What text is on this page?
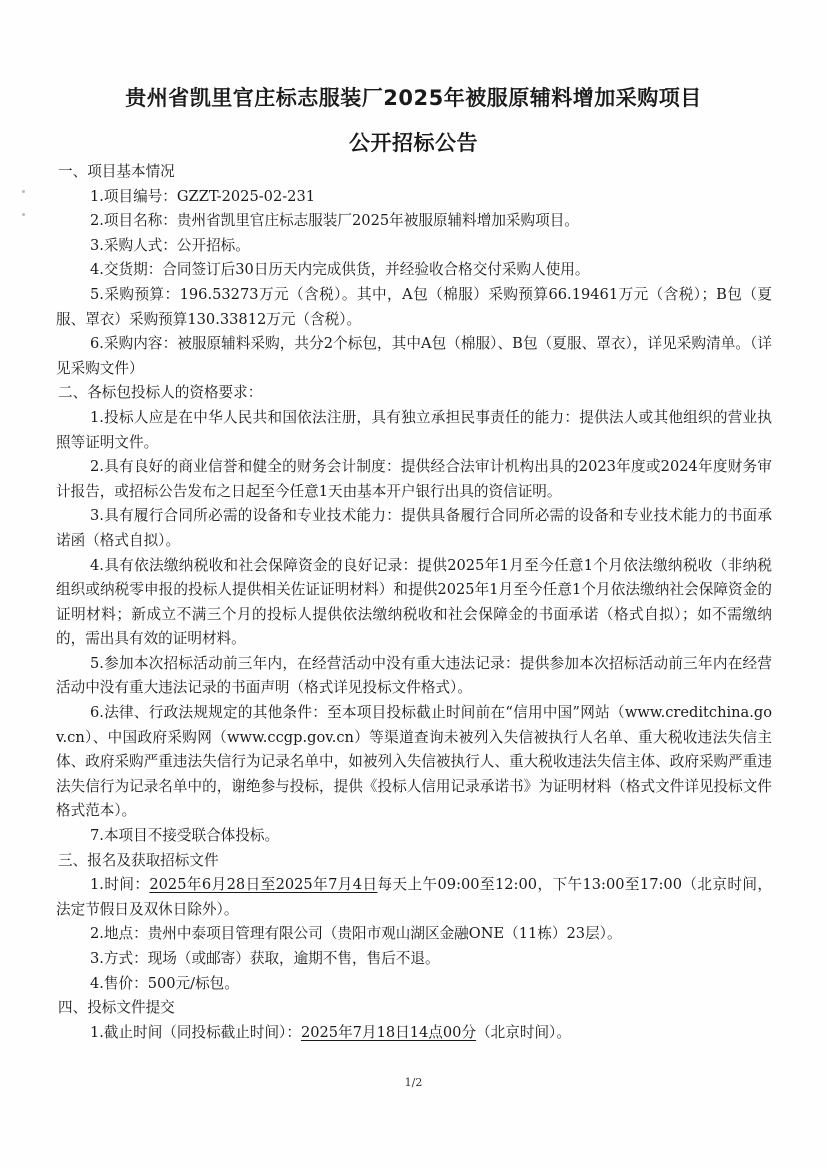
贵州省凯里官庄标志服装厂2025年被服原辅料增加采购项目
公开招标公告

一、项目基本情况

1.项目编号：GZZT-2025-02-231

2.项目名称：贵州省凯里官庄标志服装厂2025年被服原辅料增加采购项目。

3.采购人式：公开招标。

4.交货期：合同签订后30日历天内完成供货，并经验收合格交付采购人使用。

5.采购预算：196.53273万元（含税）。其中，A包（棉服）采购预算66.19461万元（含税）；B包（夏服、罩衣）采购预算130.33812万元（含税）。

6.采购内容：被服原辅料采购，共分2个标包，其中A包（棉服）、B包（夏服、罩衣），详见采购清单。（详见采购文件）

二、各标包投标人的资格要求：

1.投标人应是在中华人民共和国依法注册，具有独立承担民事责任的能力：提供法人或其他组织的营业执照等证明文件。

2.具有良好的商业信誉和健全的财务会计制度：提供经合法审计机构出具的2023年度或2024年度财务审计报告，或招标公告发布之日起至今任意1天由基本开户银行出具的资信证明。

3.具有履行合同所必需的设备和专业技术能力：提供具备履行合同所必需的设备和专业技术能力的书面承诺函（格式自拟）。

4.具有依法缴纳税收和社会保障资金的良好记录：提供2025年1月至今任意1个月依法缴纳税收（非纳税组织或纳税零申报的投标人提供相关佐证证明材料）和提供2025年1月至今任意1个月依法缴纳社会保障资金的证明材料；新成立不满三个月的投标人提供依法缴纳税收和社会保障金的书面承诺（格式自拟）；如不需缴纳的，需出具有效的证明材料。

5.参加本次招标活动前三年内，在经营活动中没有重大违法记录：提供参加本次招标活动前三年内在经营活动中没有重大违法记录的书面声明（格式详见投标文件格式）。

6.法律、行政法规规定的其他条件：至本项目投标截止时间前在“信用中国”网站（www.creditchina.gov.cn）、中国政府采购网（www.ccgp.gov.cn）等渠道查询未被列入失信被执行人名单、重大税收违法失信主体、政府采购严重违法失信行为记录名单中，如被列入失信被执行人、重大税收违法失信主体、政府采购严重违法失信行为记录名单中的，谢绝参与投标，提供《投标人信用记录承诺书》为证明材料（格式文件详见投标文件格式范本）。

7.本项目不接受联合体投标。

三、报名及获取招标文件

1.时间：2025年6月28日至2025年7月4日每天上午09:00至12:00，下午13:00至17:00（北京时间，法定节假日及双休日除外）。

2.地点：贵州中泰项目管理有限公司（贵阳市观山湖区金融ONE（11栋）23层）。

3.方式：现场（或邮寄）获取，逾期不售，售后不退。

4.售价：500元/标包。

四、投标文件提交

1.截止时间（同投标截止时间）：2025年7月18日14点00分（北京时间）。

1/2
